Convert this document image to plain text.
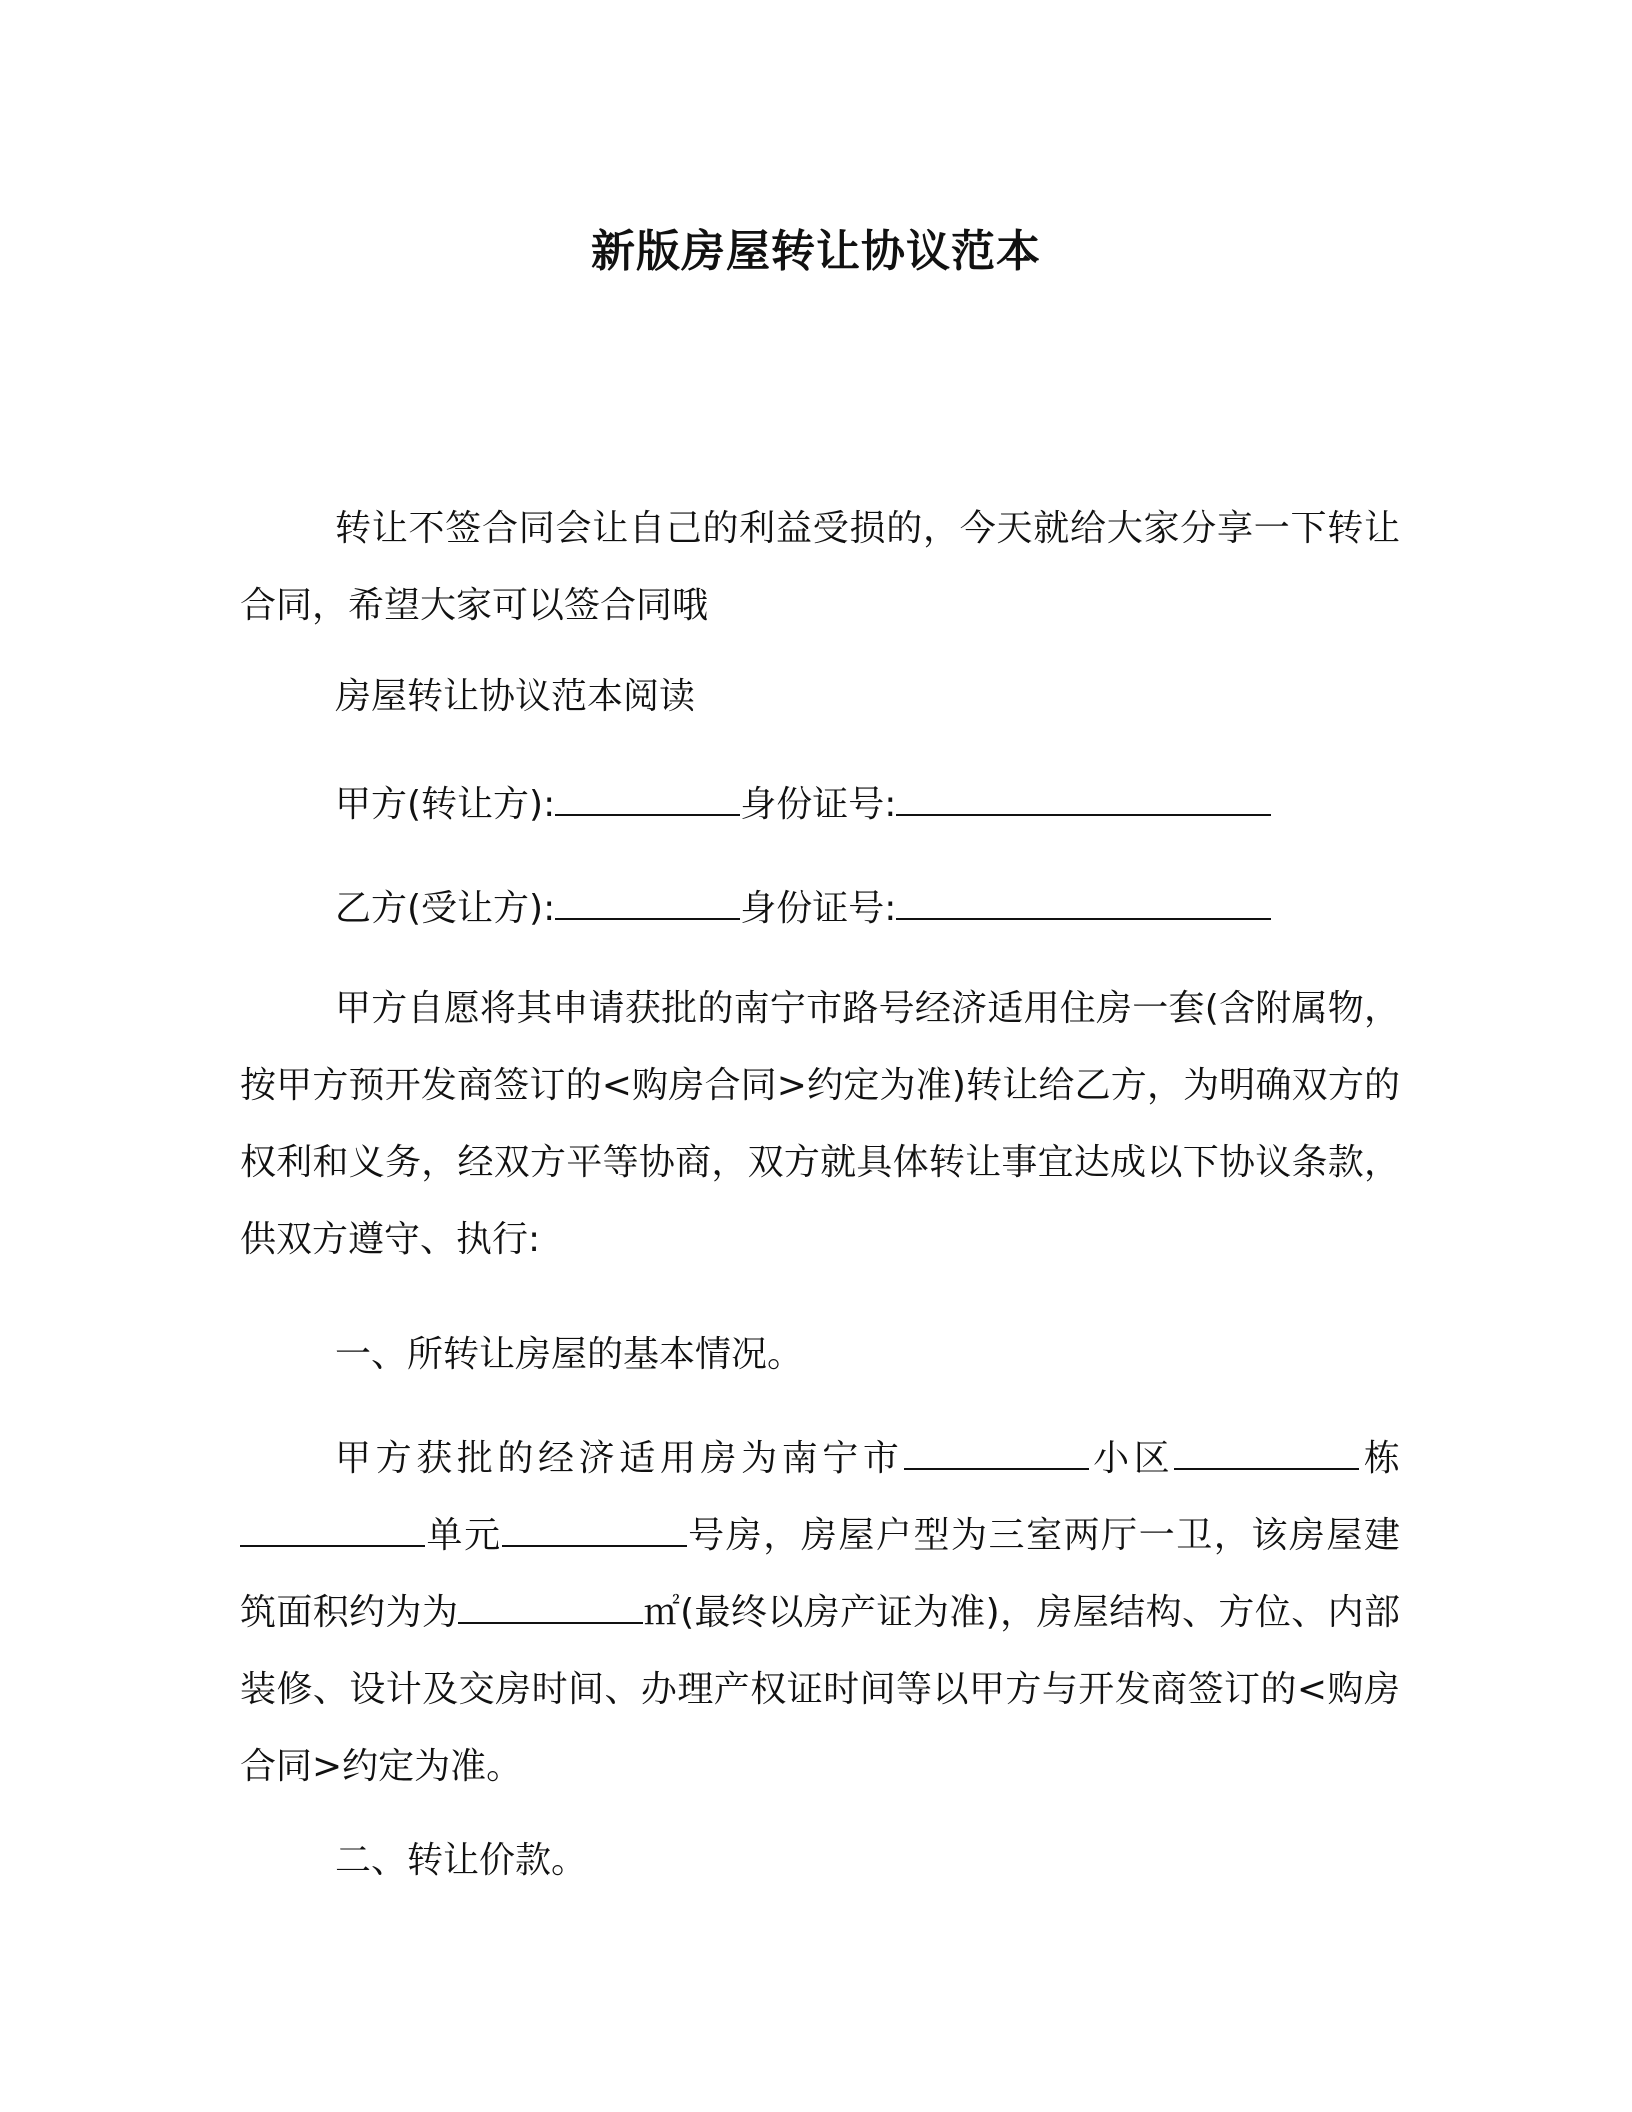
新版房屋转让协议范本

转让不签合同会让自己的利益受损的，今天就给大家分享一下转让合同，希望大家可以签合同哦

房屋转让协议范本阅读

甲方(转让方):	身份证号:

乙方(受让方):	身份证号:

甲方自愿将其申请获批的南宁市路号经济适用住房一套(含附属物，按甲方预开发商签订的<购房合同>约定为准)转让给乙方，为明确双方的权利和义务，经双方平等协商，双方就具体转让事宜达成以下协议条款，供双方遵守、执行:

一、所转让房屋的基本情况。

甲方获批的经济适用房为南宁市	小区	栋单元	号房，房屋户型为三室两厅一卫，该房屋建筑面积约为为	㎡(最终以房产证为准)，房屋结构、方位、内部装修、设计及交房时间、办理产权证时间等以甲方与开发商签订的<购房合同>约定为准。

二、转让价款。
